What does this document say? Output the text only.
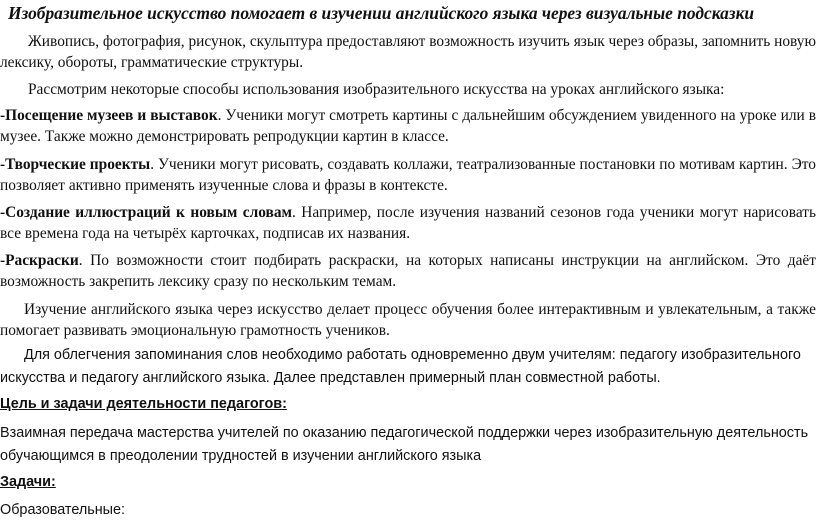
Изобразительное искусство помогает в изучении английского языка через визуальные подсказки

Живопись, фотография, рисунок, скульптура предоставляют возможность изучить язык через образы, запомнить новую лексику, обороты, грамматические структуры.

Рассмотрим некоторые способы использования изобразительного искусства на уроках английского языка:

-Посещение музеев и выставок. Ученики могут смотреть картины с дальнейшим обсуждением увиденного на уроке или в музее. Также можно демонстрировать репродукции картин в классе.

-Творческие проекты. Ученики могут рисовать, создавать коллажи, театрализованные постановки по мотивам картин. Это позволяет активно применять изученные слова и фразы в контексте.

-Создание иллюстраций к новым словам. Например, после изучения названий сезонов года ученики могут нарисовать все времена года на четырёх карточках, подписав их названия.

-Раскраски. По возможности стоит подбирать раскраски, на которых написаны инструкции на английском. Это даёт возможность закрепить лексику сразу по нескольким темам.

Изучение английского языка через искусство делает процесс обучения более интерактивным и увлекательным, а также помогает развивать эмоциональную грамотность учеников.

Для облегчения запоминания слов необходимо работать одновременно двум учителям: педагогу изобразительного искусства и педагогу английского языка. Далее представлен примерный план совместной работы.

Цель и задачи деятельности педагогов:

Взаимная передача мастерства учителей по оказанию педагогической поддержки через изобразительную деятельность обучающимся в преодолении трудностей в изучении английского языка

Задачи:

Образовательные:
